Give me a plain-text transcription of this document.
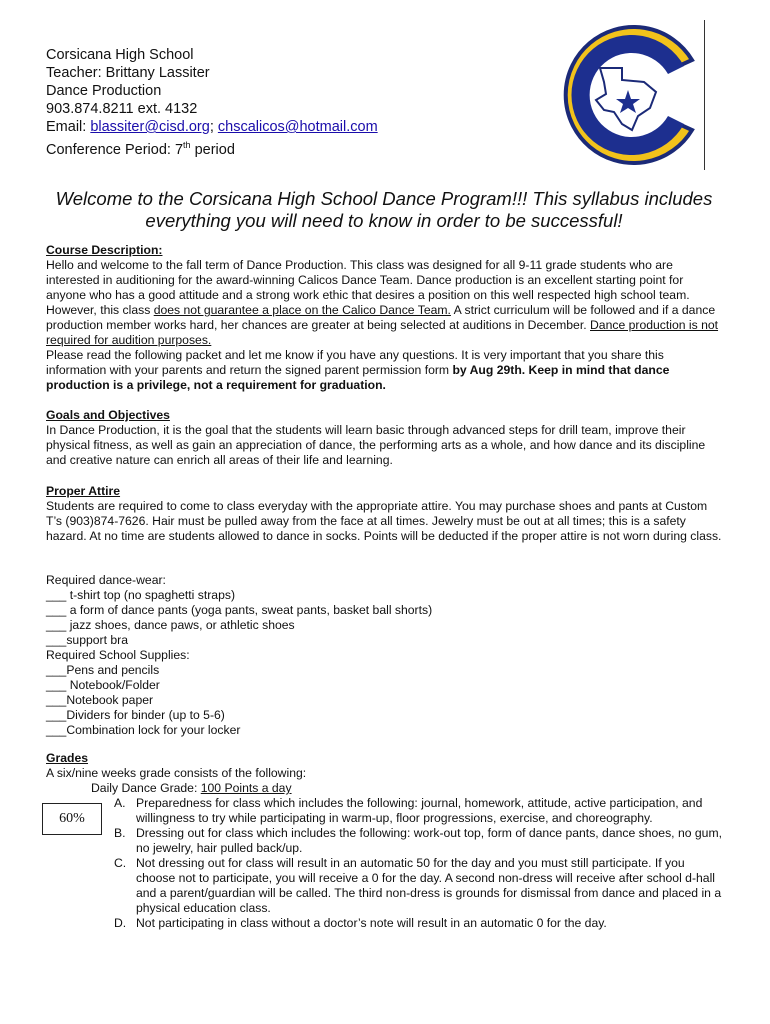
Corsicana High School
Teacher: Brittany Lassiter
Dance Production
903.874.8211 ext. 4132
Email: blassiter@cisd.org; chscalicos@hotmail.com
Conference Period: 7th period
Welcome to the Corsicana High School Dance Program!!! This syllabus includes
everything you will need to know in order to be successful!
Course Description:
Hello and welcome to the fall term of Dance Production. This class was designed for all 9-11 grade students who are interested in auditioning for the award-winning Calicos Dance Team. Dance production is an excellent starting point for anyone who has a good attitude and a strong work ethic that desires a position on this well respected high school team. However, this class does not guarantee a place on the Calico Dance Team. A strict curriculum will be followed and if a dance production member works hard, her chances are greater at being selected at auditions in December. Dance production is not required for audition purposes.
Please read the following packet and let me know if you have any questions. It is very important that you share this information with your parents and return the signed parent permission form by Aug 29th. Keep in mind that dance production is a privilege, not a requirement for graduation.
Goals and Objectives
In Dance Production, it is the goal that the students will learn basic through advanced steps for drill team, improve their physical fitness, as well as gain an appreciation of dance, the performing arts as a whole, and how dance and its discipline and creative nature can enrich all areas of their life and learning.
Proper Attire
Students are required to come to class everyday with the appropriate attire. You may purchase shoes and pants at Custom T’s (903)874-7626. Hair must be pulled away from the face at all times. Jewelry must be out at all times; this is a safety hazard. At no time are students allowed to dance in socks. Points will be deducted if the proper attire is not worn during class.
Required dance-wear:
___ t-shirt top (no spaghetti straps)
___ a form of dance pants (yoga pants, sweat pants, basket ball shorts)
___ jazz shoes, dance paws, or athletic shoes
___support bra
Required School Supplies:
___Pens and pencils
___ Notebook/Folder
___Notebook paper
___Dividers for binder (up to 5-6)
___Combination lock for your locker
Grades
A six/nine weeks grade consists of the following:
Daily Dance Grade: 100 Points a day
A. Preparedness for class which includes the following: journal, homework, attitude, active participation, and willingness to try while participating in warm-up, floor progressions, exercise, and choreography.
B. Dressing out for class which includes the following: work-out top, form of dance pants, dance shoes, no gum, no jewelry, hair pulled back/up.
C. Not dressing out for class will result in an automatic 50 for the day and you must still participate. If you choose not to participate, you will receive a 0 for the day. A second non-dress will receive after school d-hall and a parent/guardian will be called. The third non-dress is grounds for dismissal from dance and placed in a physical education class.
D. Not participating in class without a doctor’s note will result in an automatic 0 for the day.
60%
